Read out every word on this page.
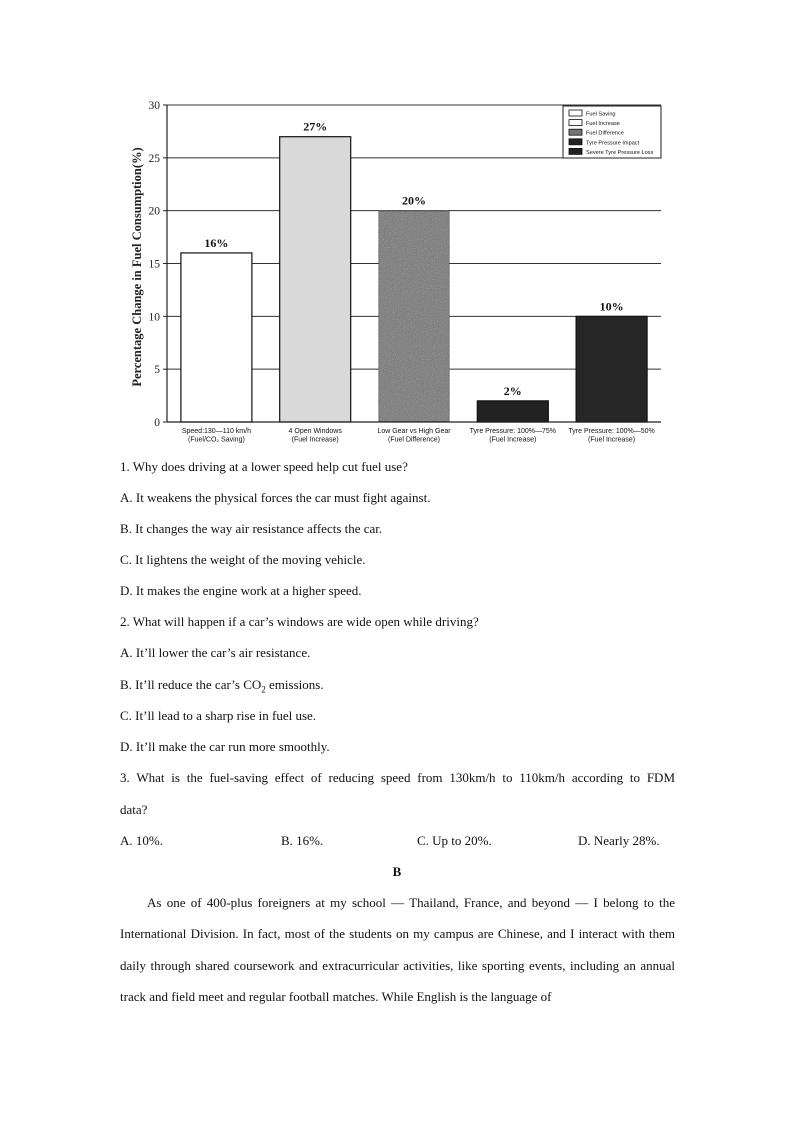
0
5
10
15
20
25
30
Percentage Change in Fuel Consumption(%)	16%
27%
20%
2%
10%
Speed:130—110 km/h
(Fuel/CO₂ Saving)
4 Open Windows
(Fuel Increase)
Low Gear vs High Gear
(Fuel Difference)
Tyre Pressure: 100%—75%
(Fuel Increase)
Tyre Pressure: 100%—50%
(Fuel Increase)
Fuel Saving
Fuel Increase
Fuel Difference
Tyre Pressure Impact
Severe Tyre Pressure Loss
1. Why does driving at a lower speed help cut fuel use?
A. It weakens the physical forces the car must fight against.
B. It changes the way air resistance affects the car.
C. It lightens the weight of the moving vehicle.
D. It makes the engine work at a higher speed.
2. What will happen if a car’s windows are wide open while driving?
A. It’ll lower the car’s air resistance.
B. It’ll reduce the car’s $CO_2$ emissions.
C. It’ll lead to a sharp rise in fuel use.
D. It’ll make the car run more smoothly.
3. What is the fuel-saving effect of reducing speed from 130km/h to 110km/h according to FDM
data?
A. 10%.	B. 16%.	C. Up to 20%.	D. Nearly 28%.
B
As one of 400-plus foreigners at my school — Thailand, France, and beyond — I belong to the International Division. In fact, most of the students on my campus are Chinese, and I interact with them daily through shared coursework and extracurricular activities, like sporting events, including an annual track and field meet and regular football matches. While English is the language of
